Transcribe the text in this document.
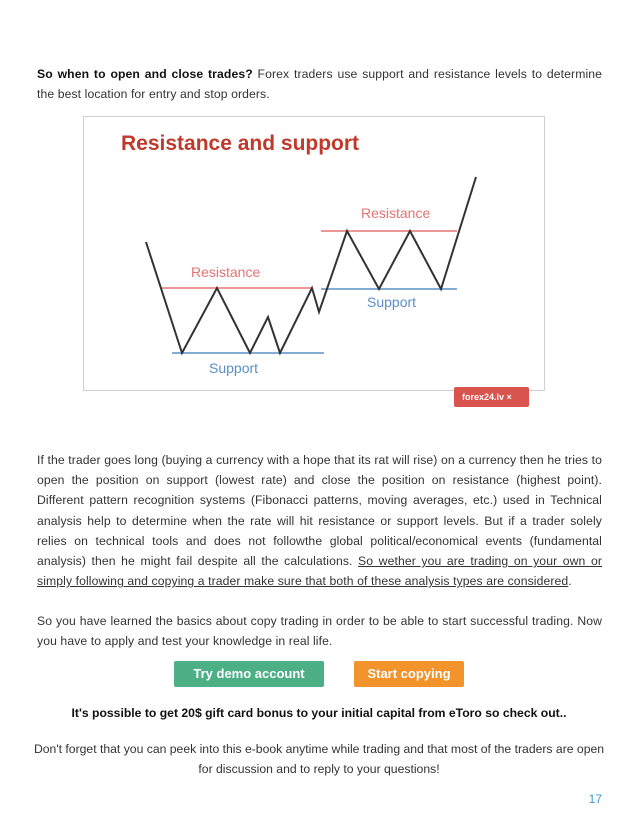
So when to open and close trades? Forex traders use support and resistance levels to determine the best location for entry and stop orders.

Resistance and support
Resistance
Support
Resistance
Support
forex24.lv ×

If the trader goes long (buying a currency with a hope that its rat will rise) on a currency then he tries to open the position on support (lowest rate) and close the position on resistance (highest point). Different pattern recognition systems (Fibonacci patterns, moving averages, etc.) used in Technical analysis help to determine when the rate will hit resistance or support levels. But if a trader solely relies on technical tools and does not followthe global political/economical events (fundamental analysis) then he might fail despite all the calculations. So wether you are trading on your own or simply following and copying a trader make sure that both of these analysis types are considered.

So you have learned the basics about copy trading in order to be able to start successful trading. Now you have to apply and test your knowledge in real life.

Try demo account	Start copying

It's possible to get 20$ gift card bonus to your initial capital from eToro so check out..

Don't forget that you can peek into this e-book anytime while trading and that most of the traders are open for discussion and to reply to your questions!

17
